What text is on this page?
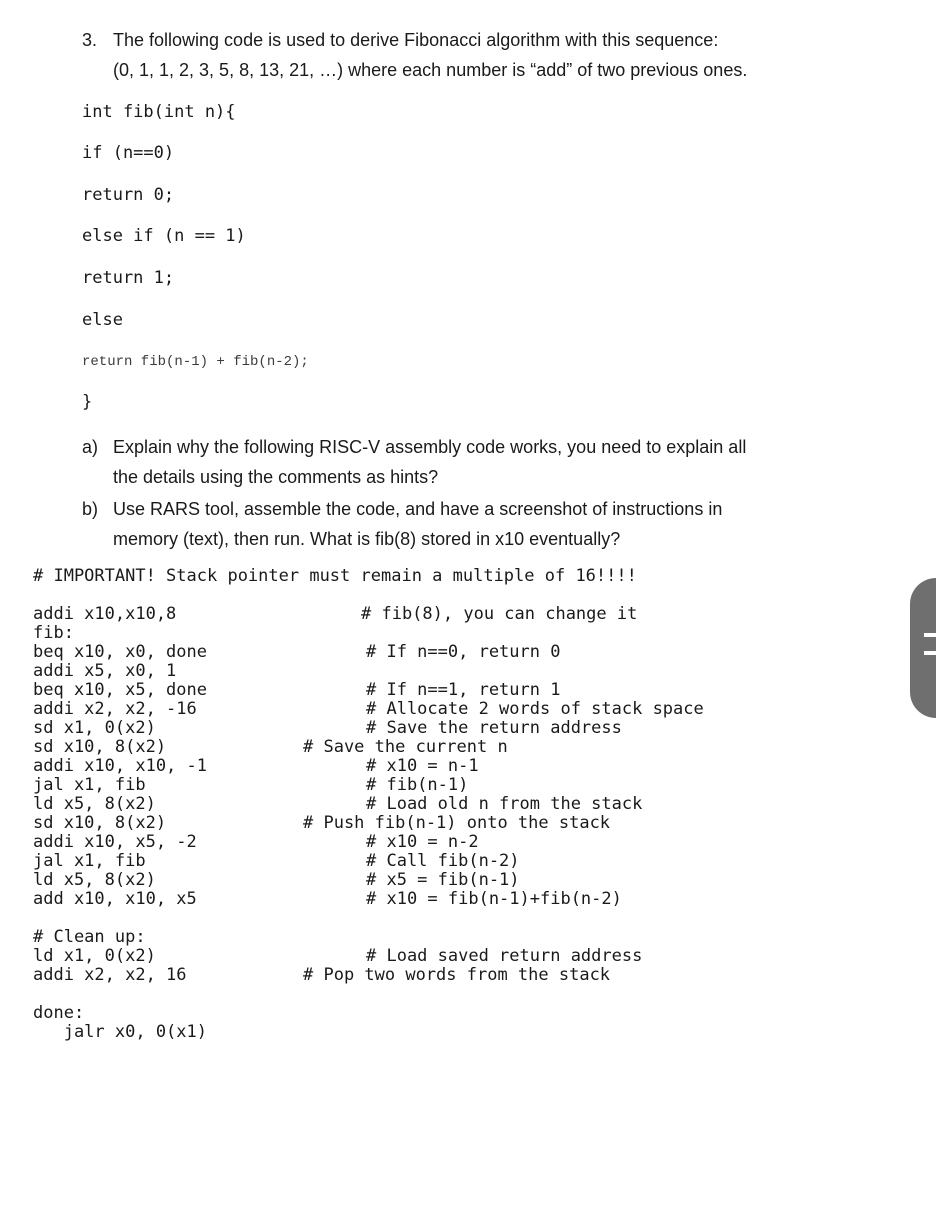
3. The following code is used to derive Fibonacci algorithm with this sequence:
(0, 1, 1, 2, 3, 5, 8, 13, 21, …) where each number is “add” of two previous ones.
int fib(int n){
if (n==0)
return 0;
else if (n == 1)
return 1;
else
return fib(n-1) + fib(n-2);
}
a) Explain why the following RISC-V assembly code works, you need to explain all
the details using the comments as hints?
b) Use RARS tool, assemble the code, and have a screenshot of instructions in
memory (text), then run. What is fib(8) stored in x10 eventually?
# IMPORTANT! Stack pointer must remain a multiple of 16!!!!
addi x10,x10,8	# fib(8), you can change it
fib:
beq x10, x0, done	# If n==0, return 0
addi x5, x0, 1
beq x10, x5, done	# If n==1, return 1
addi x2, x2, -16	# Allocate 2 words of stack space
sd x1, 0(x2)	# Save the return address
sd x10, 8(x2)	# Save the current n
addi x10, x10, -1	# x10 = n-1
jal x1, fib	# fib(n-1)
ld x5, 8(x2)	# Load old n from the stack
sd x10, 8(x2)	# Push fib(n-1) onto the stack
addi x10, x5, -2	# x10 = n-2
jal x1, fib	# Call fib(n-2)
ld x5, 8(x2)	# x5 = fib(n-1)
add x10, x10, x5	# x10 = fib(n-1)+fib(n-2)
# Clean up:
ld x1, 0(x2)	# Load saved return address
addi x2, x2, 16	# Pop two words from the stack
done:
jalr x0, 0(x1)
